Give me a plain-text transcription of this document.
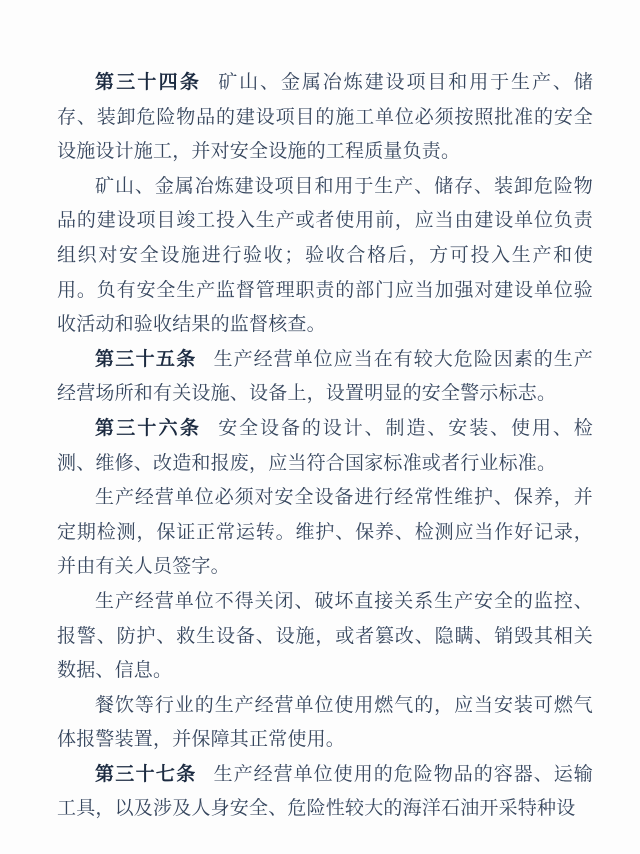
第三十四条 矿山、金属冶炼建设项目和用于生产、储存、装卸危险物品的建设项目的施工单位必须按照批准的安全设施设计施工，并对安全设施的工程质量负责。

矿山、金属冶炼建设项目和用于生产、储存、装卸危险物品的建设项目竣工投入生产或者使用前，应当由建设单位负责组织对安全设施进行验收；验收合格后，方可投入生产和使用。负有安全生产监督管理职责的部门应当加强对建设单位验收活动和验收结果的监督核查。

第三十五条 生产经营单位应当在有较大危险因素的生产经营场所和有关设施、设备上，设置明显的安全警示标志。

第三十六条 安全设备的设计、制造、安装、使用、检测、维修、改造和报废，应当符合国家标准或者行业标准。

生产经营单位必须对安全设备进行经常性维护、保养，并定期检测，保证正常运转。维护、保养、检测应当作好记录，并由有关人员签字。

生产经营单位不得关闭、破坏直接关系生产安全的监控、报警、防护、救生设备、设施，或者篡改、隐瞒、销毁其相关数据、信息。

餐饮等行业的生产经营单位使用燃气的，应当安装可燃气体报警装置，并保障其正常使用。

第三十七条 生产经营单位使用的危险物品的容器、运输工具，以及涉及人身安全、危险性较大的海洋石油开采特种设
